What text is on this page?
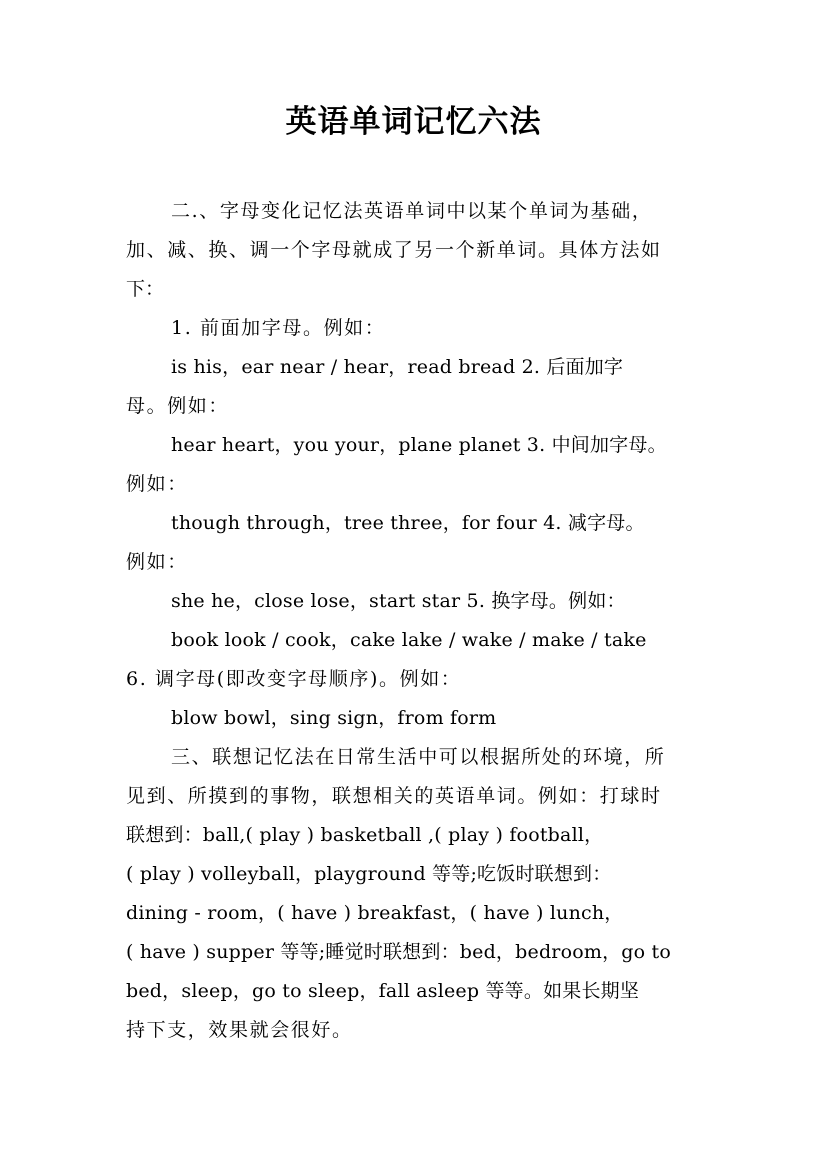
英语单词记忆六法
二.、字母变化记忆法英语单词中以某个单词为基础，
加、减、换、调一个字母就成了另一个新单词。具体方法如
下：
1. 前面加字母。例如：
is his，ear near / hear，read bread 2. 后面加字
母。例如：
hear heart，you your，plane planet 3. 中间加字母。
例如：
though through，tree three，for four 4. 减字母。
例如：
she he，close lose，start star 5. 换字母。例如：
book look / cook，cake lake / wake / make / take
6. 调字母(即改变字母顺序)。例如：
blow bowl，sing sign，from form
三、联想记忆法在日常生活中可以根据所处的环境，所
见到、所摸到的事物，联想相关的英语单词。例如：打球时
联想到：ball,( play ) basketball ,( play ) football，
( play ) volleyball，playground 等等;吃饭时联想到：
dining - room，( have ) breakfast，( have ) lunch，
( have ) supper 等等;睡觉时联想到：bed，bedroom，go to
bed，sleep，go to sleep，fall asleep 等等。如果长期坚
持下支，效果就会很好。
